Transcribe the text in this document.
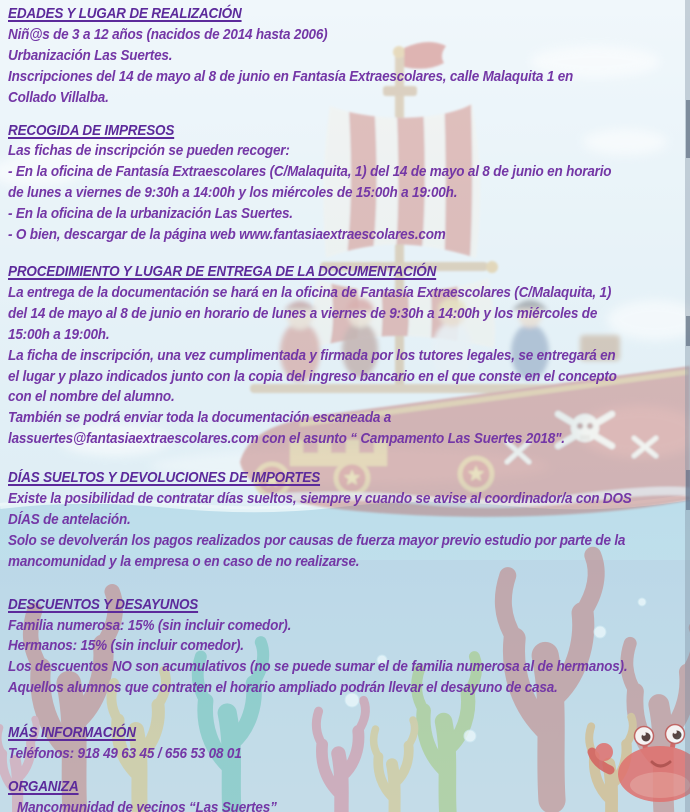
EDADES Y LUGAR DE REALIZACIÓN

Niñ@s de 3 a 12 años (nacidos de 2014 hasta 2006)

Urbanización Las Suertes.

Inscripciones del 14 de mayo al 8 de junio en Fantasía Extraescolares, calle Malaquita 1 en

Collado Villalba.

RECOGIDA DE IMPRESOS

Las fichas de inscripción se pueden recoger:

- En la oficina de Fantasía Extraescolares (C/Malaquita, 1) del 14 de mayo al 8 de junio en horario

de lunes a viernes de 9:30h a 14:00h y los miércoles de 15:00h a 19:00h.

- En la oficina de la urbanización Las Suertes.

- O bien, descargar de la página web www.fantasiaextraescolares.com

PROCEDIMIENTO Y LUGAR DE ENTREGA DE LA DOCUMENTACIÓN

La entrega de la documentación se hará en la oficina de Fantasía Extraescolares (C/Malaquita, 1)

del 14 de mayo al 8 de junio en horario de lunes a viernes de 9:30h a 14:00h y los miércoles de

15:00h a 19:00h.

La ficha de inscripción, una vez cumplimentada y firmada por los tutores legales, se entregará en

el lugar y plazo indicados junto con la copia del ingreso bancario en el que conste en el concepto

con el nombre del alumno.

También se podrá enviar toda la documentación escaneada a

lassuertes@fantasiaextraescolares.com con el asunto “ Campamento Las Suertes 2018".

DÍAS SUELTOS Y DEVOLUCIONES DE IMPORTES

Existe la posibilidad de contratar días sueltos, siempre y cuando se avise al coordinador/a con DOS

DÍAS de antelación.

Solo se devolverán los pagos realizados por causas de fuerza mayor previo estudio por parte de la

mancomunidad y la empresa o en caso de no realizarse.

DESCUENTOS Y DESAYUNOS

Familia numerosa: 15% (sin incluir comedor).

Hermanos: 15% (sin incluir comedor).

Los descuentos NO son acumulativos (no se puede sumar el de familia numerosa al de hermanos).

Aquellos alumnos que contraten el horario ampliado podrán llevar el desayuno de casa.

MÁS INFORMACIÓN

Teléfonos: 918 49 63 45 / 656 53 08 01

ORGANIZA

Mancomunidad de vecinos “Las Suertes”
